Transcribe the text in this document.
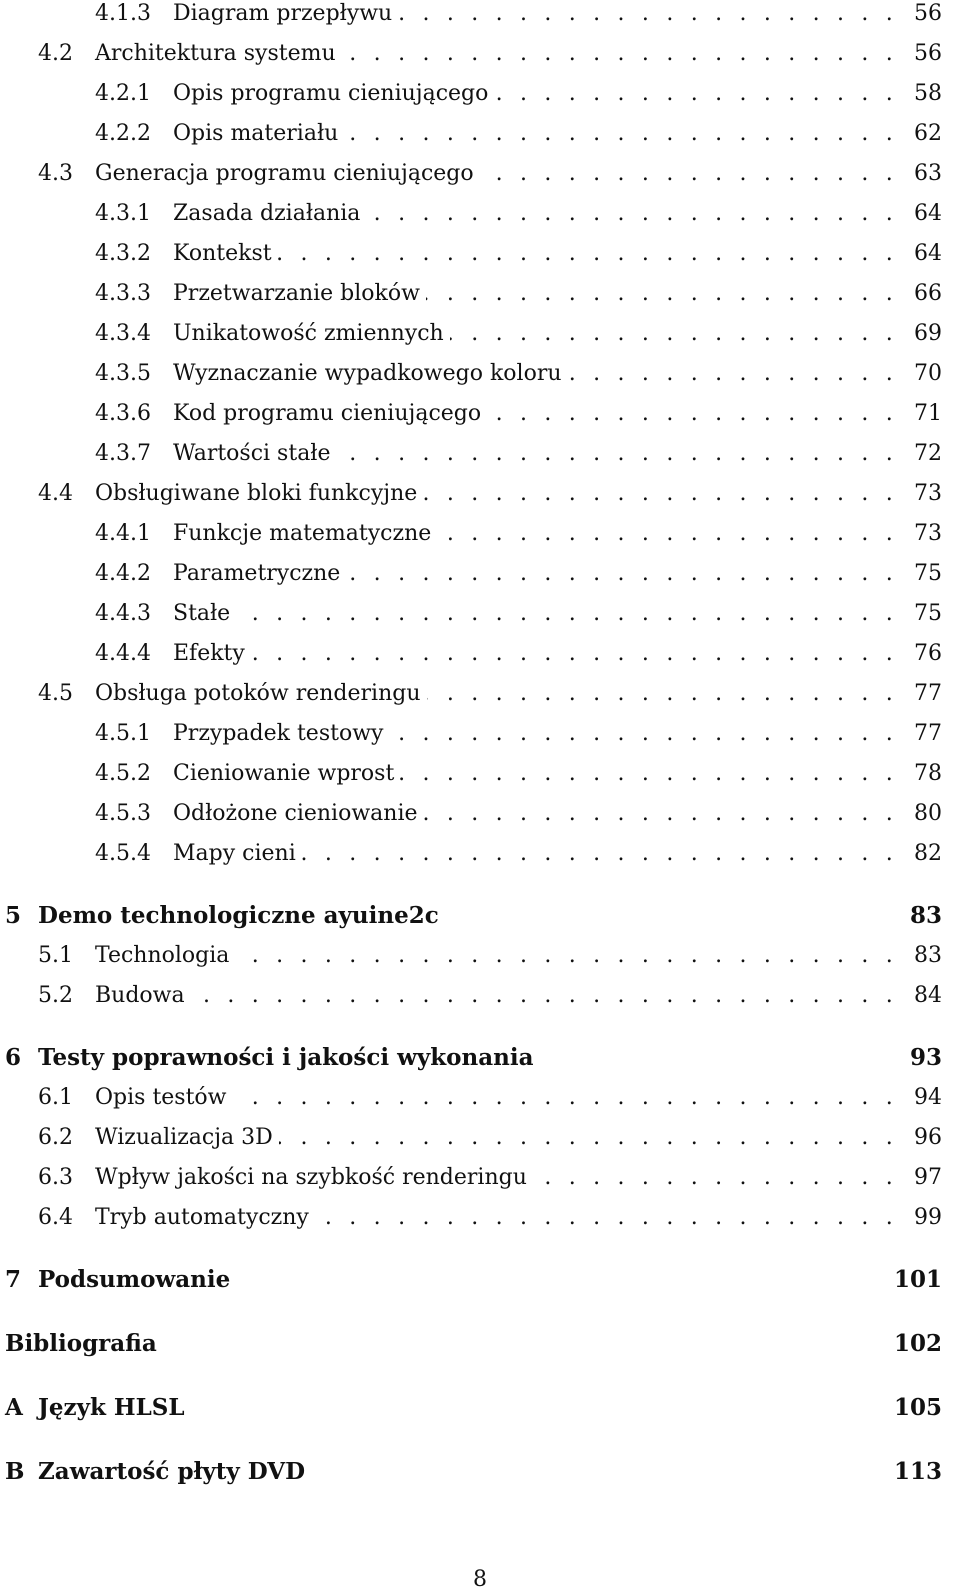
4.1.3 . . . Diagram przepływu	56
4.2 . . . Architektura systemu	56
4.2.1 . . . Opis programu cieniującego	58
4.2.2 . . . Opis materiału	62
4.3 . . . Generacja programu cieniującego	63
4.3.1 . . . Zasada działania	64
4.3.2 . . . Kontekst	64
4.3.3 . . . Przetwarzanie bloków	66
4.3.4 . . . Unikatowość zmiennych	69
4.3.5 . . . Wyznaczanie wypadkowego koloru	70
4.3.6 . . . Kod programu cieniującego	71
4.3.7 . . . Wartości stałe	72
4.4 . . . Obsługiwane bloki funkcyjne	73
4.4.1 . . . Funkcje matematyczne	73
4.4.2 . . . Parametryczne	75
4.4.3 . . . Stałe	75
4.4.4 . . . Efekty	76
4.5 . . . Obsługa potoków renderingu	77
4.5.1 . . . Przypadek testowy	77
4.5.2 . . . Cieniowanie wprost	78
4.5.3 . . . Odłożone cieniowanie	80
4.5.4 . . . Mapy cieni	82
5 Demo technologiczne ayuine2c	83
5.1 . . . Technologia	83
5.2 . . . Budowa	84
6 Testy poprawności i jakości wykonania	93
6.1 . . . Opis testów	94
6.2 . . . Wizualizacja 3D	96
6.3 . . . Wpływ jakości na szybkość renderingu	97
6.4 . . . Tryb automatyczny	99
7 Podsumowanie	101
Bibliografia	102
A Język HLSL	105
B Zawartość płyty DVD	113
8
